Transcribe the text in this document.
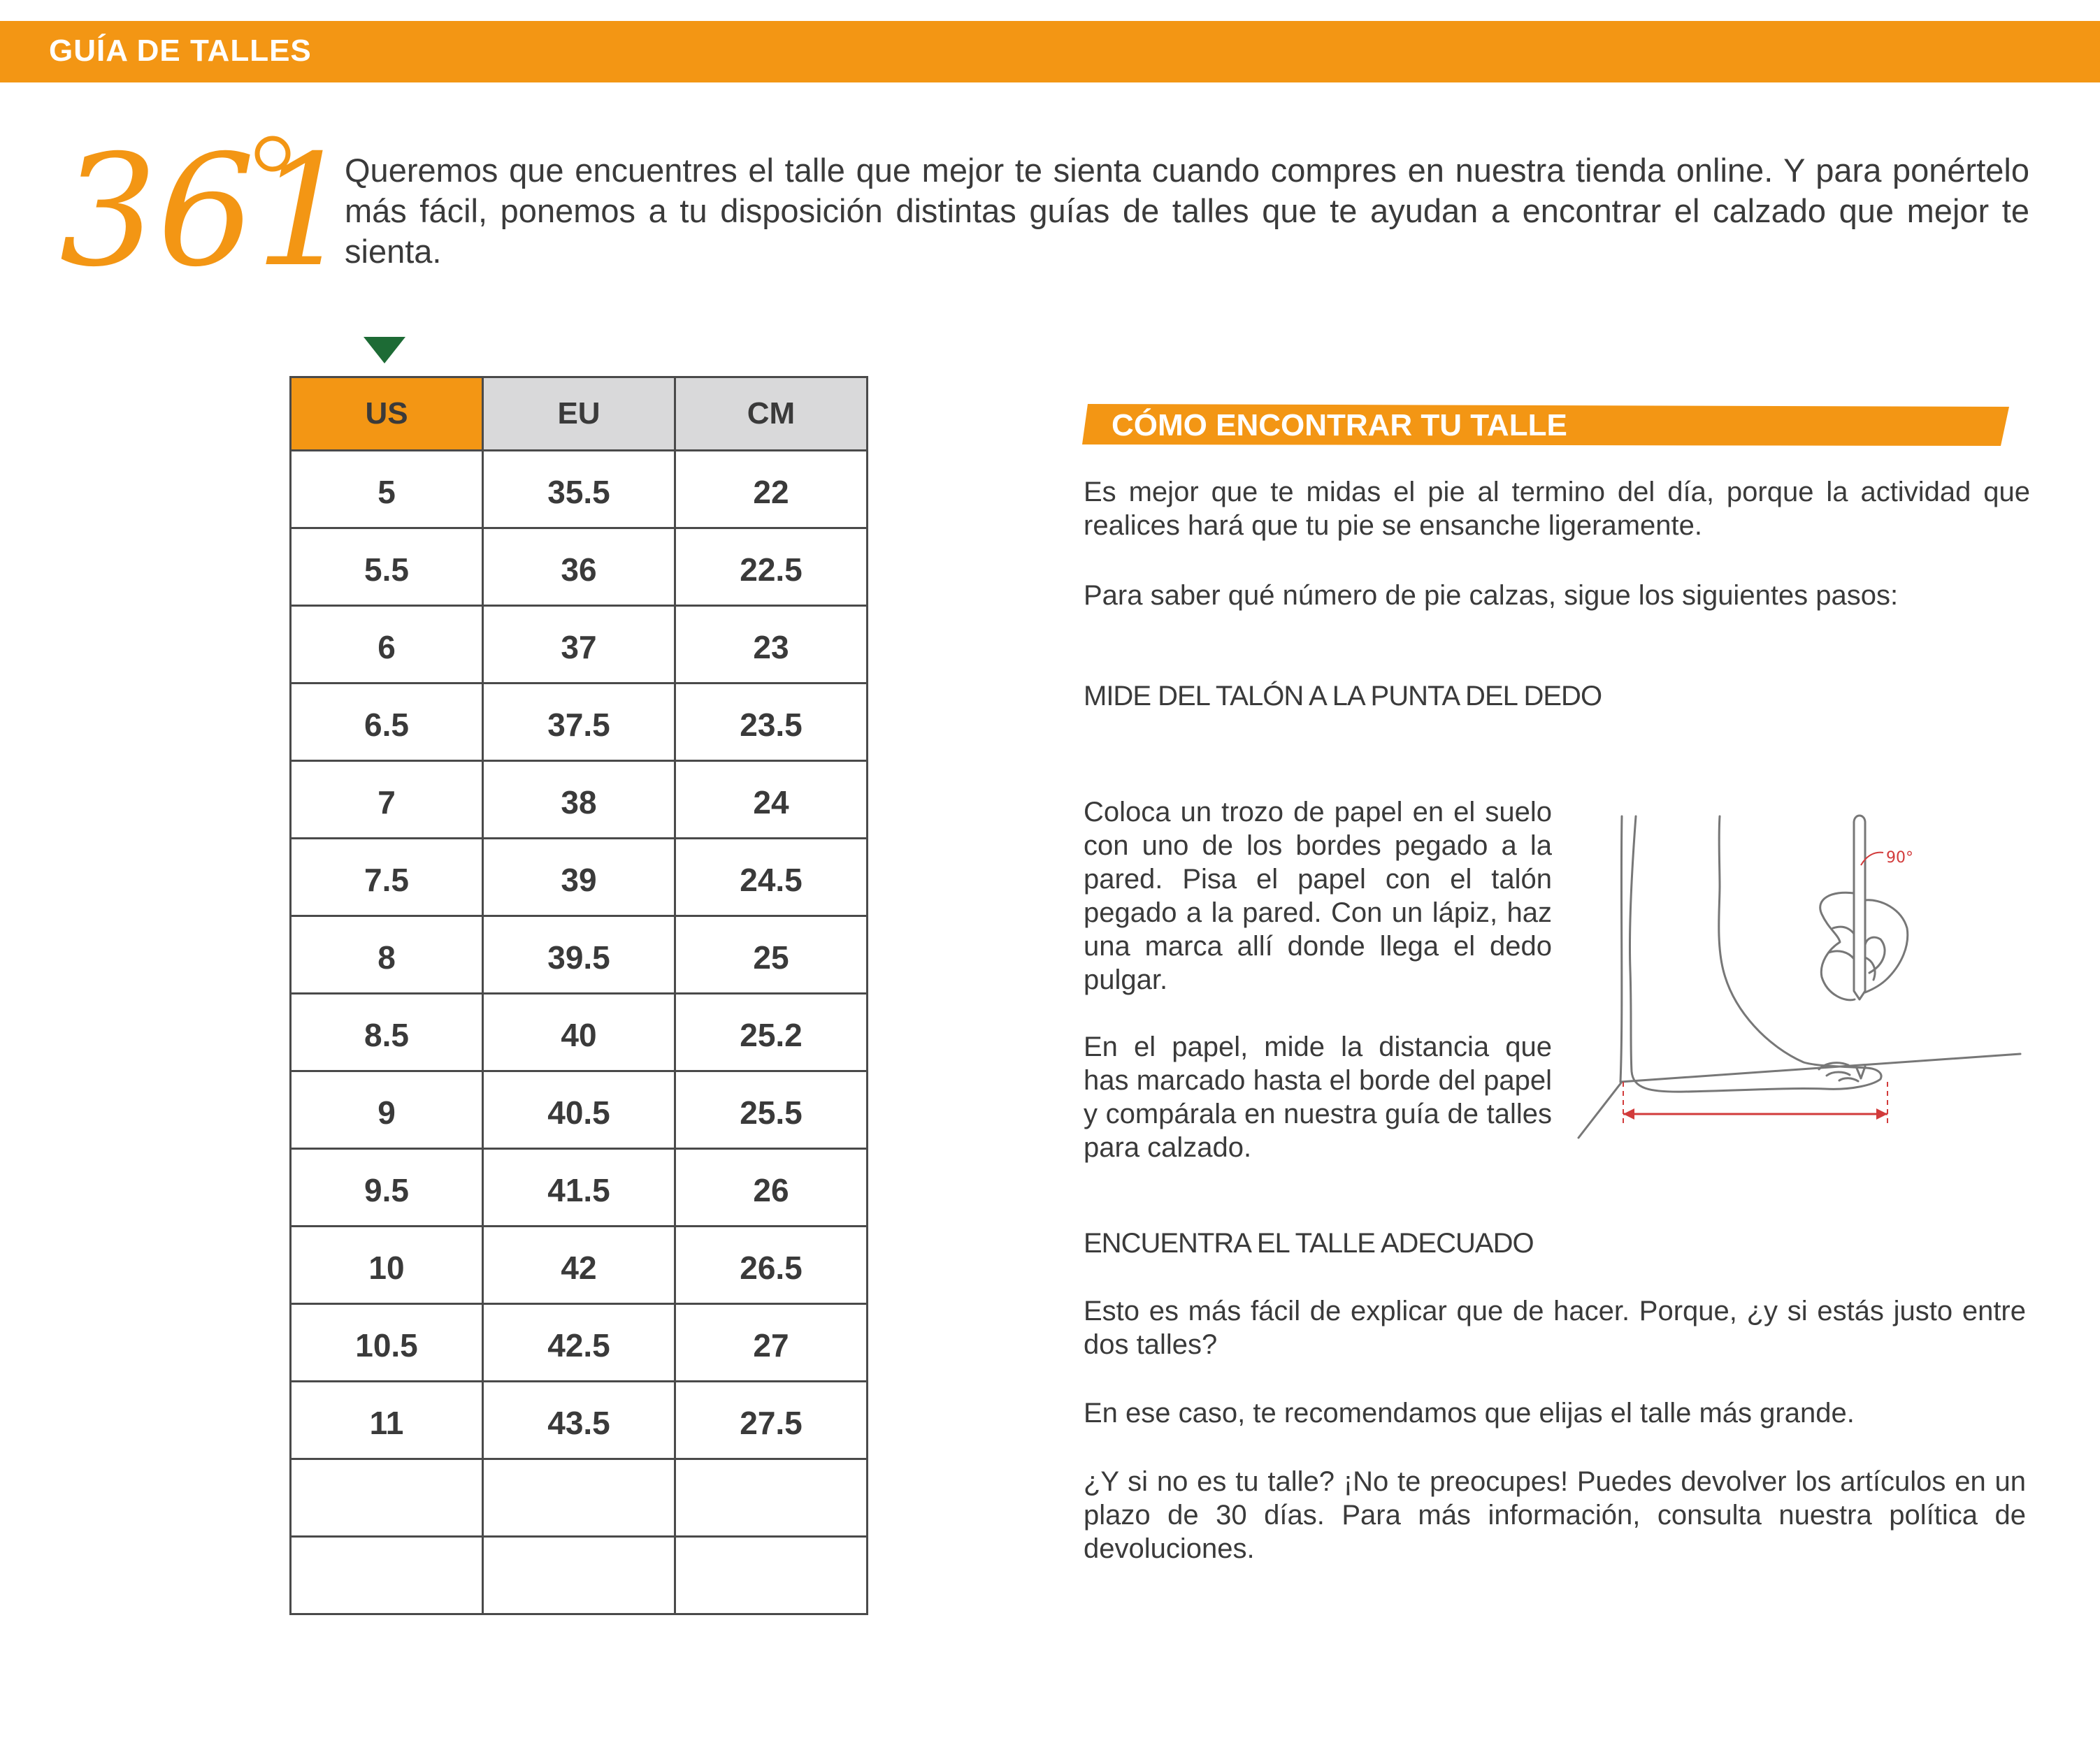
GUÍA DE TALLES
361
Queremos que encuentres el talle que mejor te sienta cuando compres en nuestra tienda online. Y para ponértelo más fácil, ponemos a tu disposición distintas guías de talles que te ayudan a encontrar el calzado que mejor te sienta.
US	EU	CM
5	35.5	22
5.5	36	22.5
6	37	23
6.5	37.5	23.5
7	38	24
7.5	39	24.5
8	39.5	25
8.5	40	25.2
9	40.5	25.5
9.5	41.5	26
10	42	26.5
10.5	42.5	27
11	43.5	27.5

CÓMO ENCONTRAR TU TALLE
Es mejor que te midas el pie al termino del día, porque la actividad que realices hará que tu pie se ensanche ligeramente.
Para saber qué número de pie calzas, sigue los siguientes pasos:
MIDE DEL TALÓN A LA PUNTA DEL DEDO
Coloca un trozo de papel en el suelo con uno de los bordes pegado a la pared. Pisa el papel con el talón pegado a la pared. Con un lápiz, haz una marca allí donde llega el dedo pulgar.
En el papel, mide la distancia que has marcado hasta el borde del papel y compárala en nuestra guía de talles para calzado.
90°
ENCUENTRA EL TALLE ADECUADO
Esto es más fácil de explicar que de hacer. Porque, ¿y si estás justo entre dos talles?
En ese caso, te recomendamos que elijas el talle más grande.
¿Y si no es tu talle? ¡No te preocupes! Puedes devolver los artículos en un plazo de 30 días. Para más información, consulta nuestra política de devoluciones.
